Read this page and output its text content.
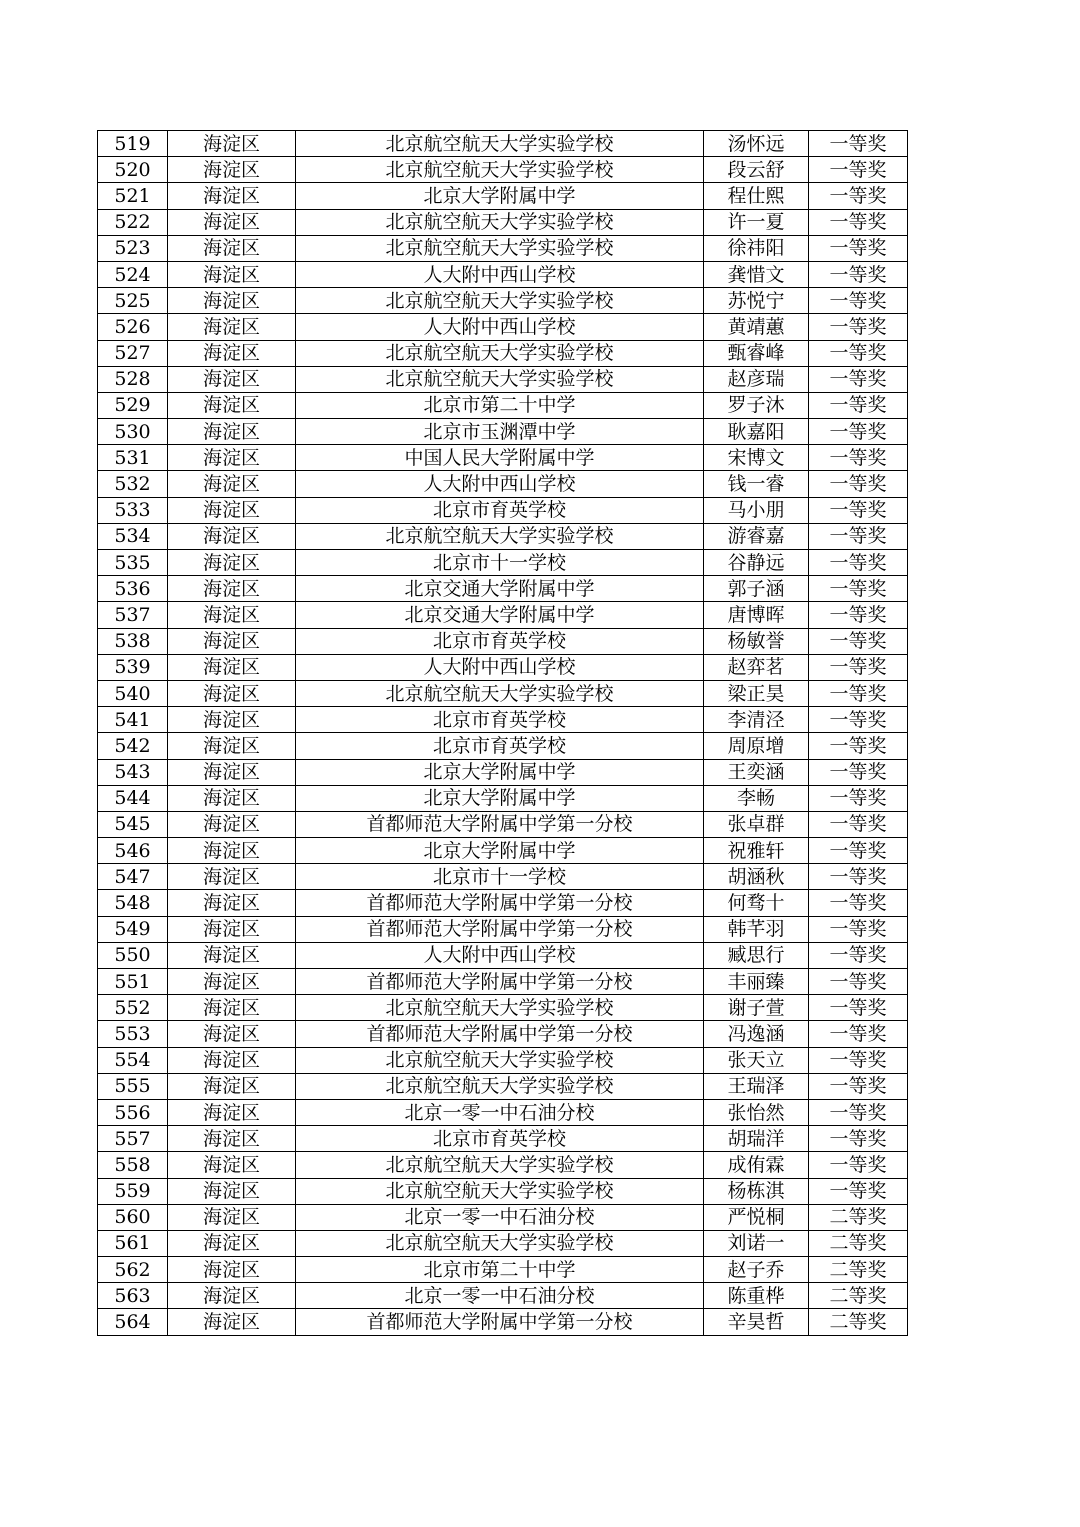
519	海淀区	北京航空航天大学实验学校	汤怀远	一等奖
520	海淀区	北京航空航天大学实验学校	段云舒	一等奖
521	海淀区	北京大学附属中学	程仕熙	一等奖
522	海淀区	北京航空航天大学实验学校	许一夏	一等奖
523	海淀区	北京航空航天大学实验学校	徐祎阳	一等奖
524	海淀区	人大附中西山学校	龚惜文	一等奖
525	海淀区	北京航空航天大学实验学校	苏悦宁	一等奖
526	海淀区	人大附中西山学校	黄靖蕙	一等奖
527	海淀区	北京航空航天大学实验学校	甄睿峰	一等奖
528	海淀区	北京航空航天大学实验学校	赵彦瑞	一等奖
529	海淀区	北京市第二十中学	罗子沐	一等奖
530	海淀区	北京市玉渊潭中学	耿嘉阳	一等奖
531	海淀区	中国人民大学附属中学	宋博文	一等奖
532	海淀区	人大附中西山学校	钱一睿	一等奖
533	海淀区	北京市育英学校	马小朋	一等奖
534	海淀区	北京航空航天大学实验学校	游睿嘉	一等奖
535	海淀区	北京市十一学校	谷静远	一等奖
536	海淀区	北京交通大学附属中学	郭子涵	一等奖
537	海淀区	北京交通大学附属中学	唐博晖	一等奖
538	海淀区	北京市育英学校	杨敏誉	一等奖
539	海淀区	人大附中西山学校	赵弈茗	一等奖
540	海淀区	北京航空航天大学实验学校	梁正昊	一等奖
541	海淀区	北京市育英学校	李清泾	一等奖
542	海淀区	北京市育英学校	周原增	一等奖
543	海淀区	北京大学附属中学	王奕涵	一等奖
544	海淀区	北京大学附属中学	李畅	一等奖
545	海淀区	首都师范大学附属中学第一分校	张卓群	一等奖
546	海淀区	北京大学附属中学	祝雅轩	一等奖
547	海淀区	北京市十一学校	胡涵秋	一等奖
548	海淀区	首都师范大学附属中学第一分校	何骛十	一等奖
549	海淀区	首都师范大学附属中学第一分校	韩芊羽	一等奖
550	海淀区	人大附中西山学校	臧思行	一等奖
551	海淀区	首都师范大学附属中学第一分校	丰丽臻	一等奖
552	海淀区	北京航空航天大学实验学校	谢子萱	一等奖
553	海淀区	首都师范大学附属中学第一分校	冯逸涵	一等奖
554	海淀区	北京航空航天大学实验学校	张天立	一等奖
555	海淀区	北京航空航天大学实验学校	王瑞泽	一等奖
556	海淀区	北京一零一中石油分校	张怡然	一等奖
557	海淀区	北京市育英学校	胡瑞洋	一等奖
558	海淀区	北京航空航天大学实验学校	成侑霖	一等奖
559	海淀区	北京航空航天大学实验学校	杨栋淇	一等奖
560	海淀区	北京一零一中石油分校	严悦桐	二等奖
561	海淀区	北京航空航天大学实验学校	刘诺一	二等奖
562	海淀区	北京市第二十中学	赵子乔	二等奖
563	海淀区	北京一零一中石油分校	陈重桦	二等奖
564	海淀区	首都师范大学附属中学第一分校	辛昊哲	二等奖
